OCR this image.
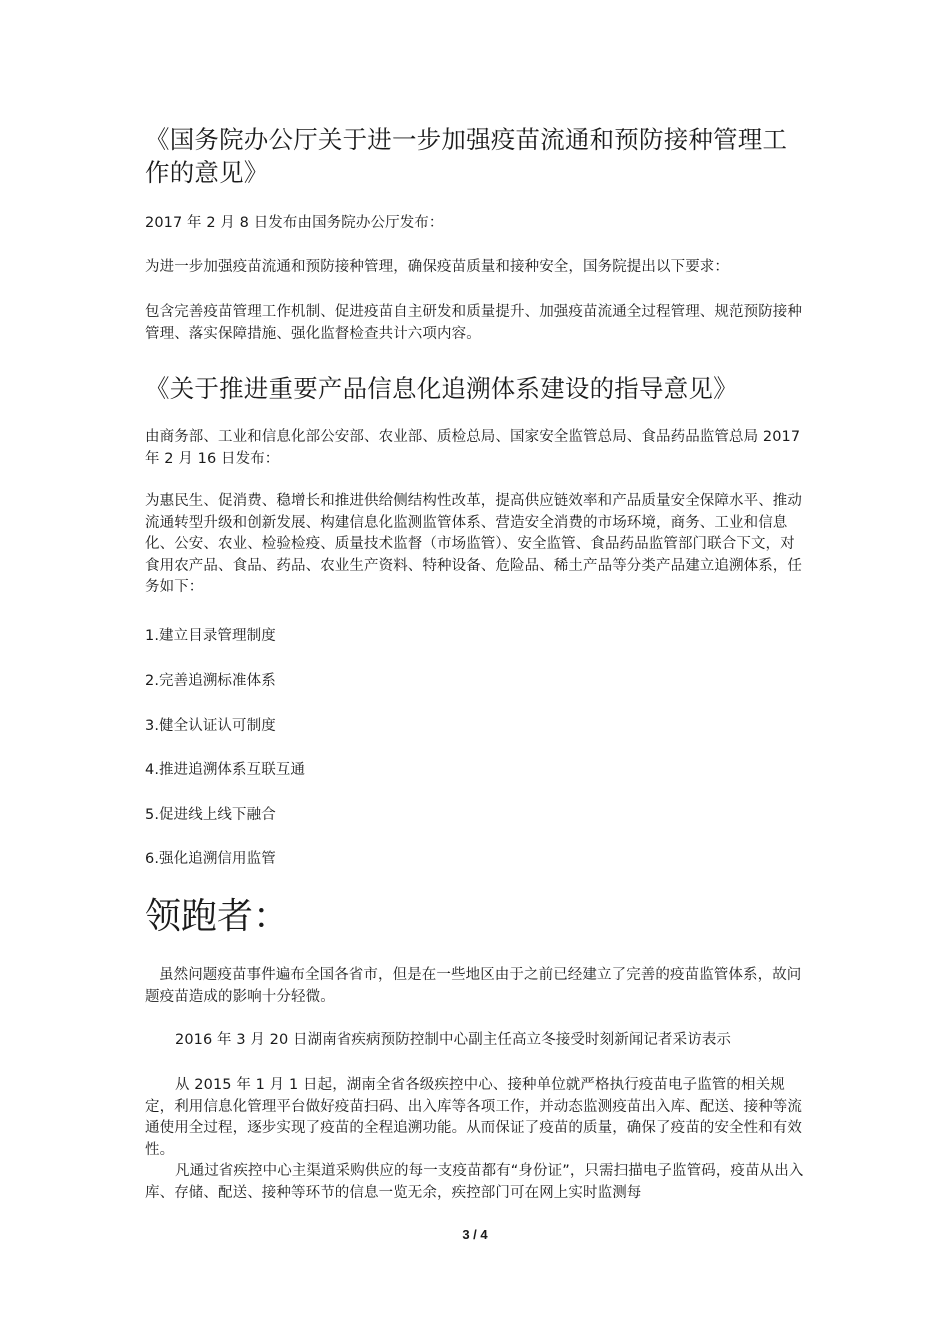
《国务院办公厅关于进一步加强疫苗流通和预防接种管理工作的意见》

2017 年 2 月 8 日发布由国务院办公厅发布：

为进一步加强疫苗流通和预防接种管理，确保疫苗质量和接种安全，国务院提出以下要求：

包含完善疫苗管理工作机制、促进疫苗自主研发和质量提升、加强疫苗流通全过程管理、规范预防接种管理、落实保障措施、强化监督检查共计六项内容。

《关于推进重要产品信息化追溯体系建设的指导意见》

由商务部、工业和信息化部公安部、农业部、质检总局、国家安全监管总局、食品药品监管总局 2017 年 2 月 16 日发布：

为惠民生、促消费、稳增长和推进供给侧结构性改革，提高供应链效率和产品质量安全保障水平、推动流通转型升级和创新发展、构建信息化监测监管体系、营造安全消费的市场环境，商务、工业和信息化、公安、农业、检验检疫、质量技术监督（市场监管）、安全监管、食品药品监管部门联合下文，对食用农产品、食品、药品、农业生产资料、特种设备、危险品、稀土产品等分类产品建立追溯体系，任务如下：

1.建立目录管理制度

2.完善追溯标准体系

3.健全认证认可制度

4.推进追溯体系互联互通

5.促进线上线下融合

6.强化追溯信用监管

领跑者：

虽然问题疫苗事件遍布全国各省市，但是在一些地区由于之前已经建立了完善的疫苗监管体系，故问题疫苗造成的影响十分轻微。

2016 年 3 月 20 日湖南省疾病预防控制中心副主任高立冬接受时刻新闻记者采访表示

从 2015 年 1 月 1 日起，湖南全省各级疾控中心、接种单位就严格执行疫苗电子监管的相关规定，利用信息化管理平台做好疫苗扫码、出入库等各项工作，并动态监测疫苗出入库、配送、接种等流通使用全过程，逐步实现了疫苗的全程追溯功能。从而保证了疫苗的质量，确保了疫苗的安全性和有效性。

凡通过省疾控中心主渠道采购供应的每一支疫苗都有“身份证”，只需扫描电子监管码，疫苗从出入库、存储、配送、接种等环节的信息一览无余，疾控部门可在网上实时监测每

3 / 4
